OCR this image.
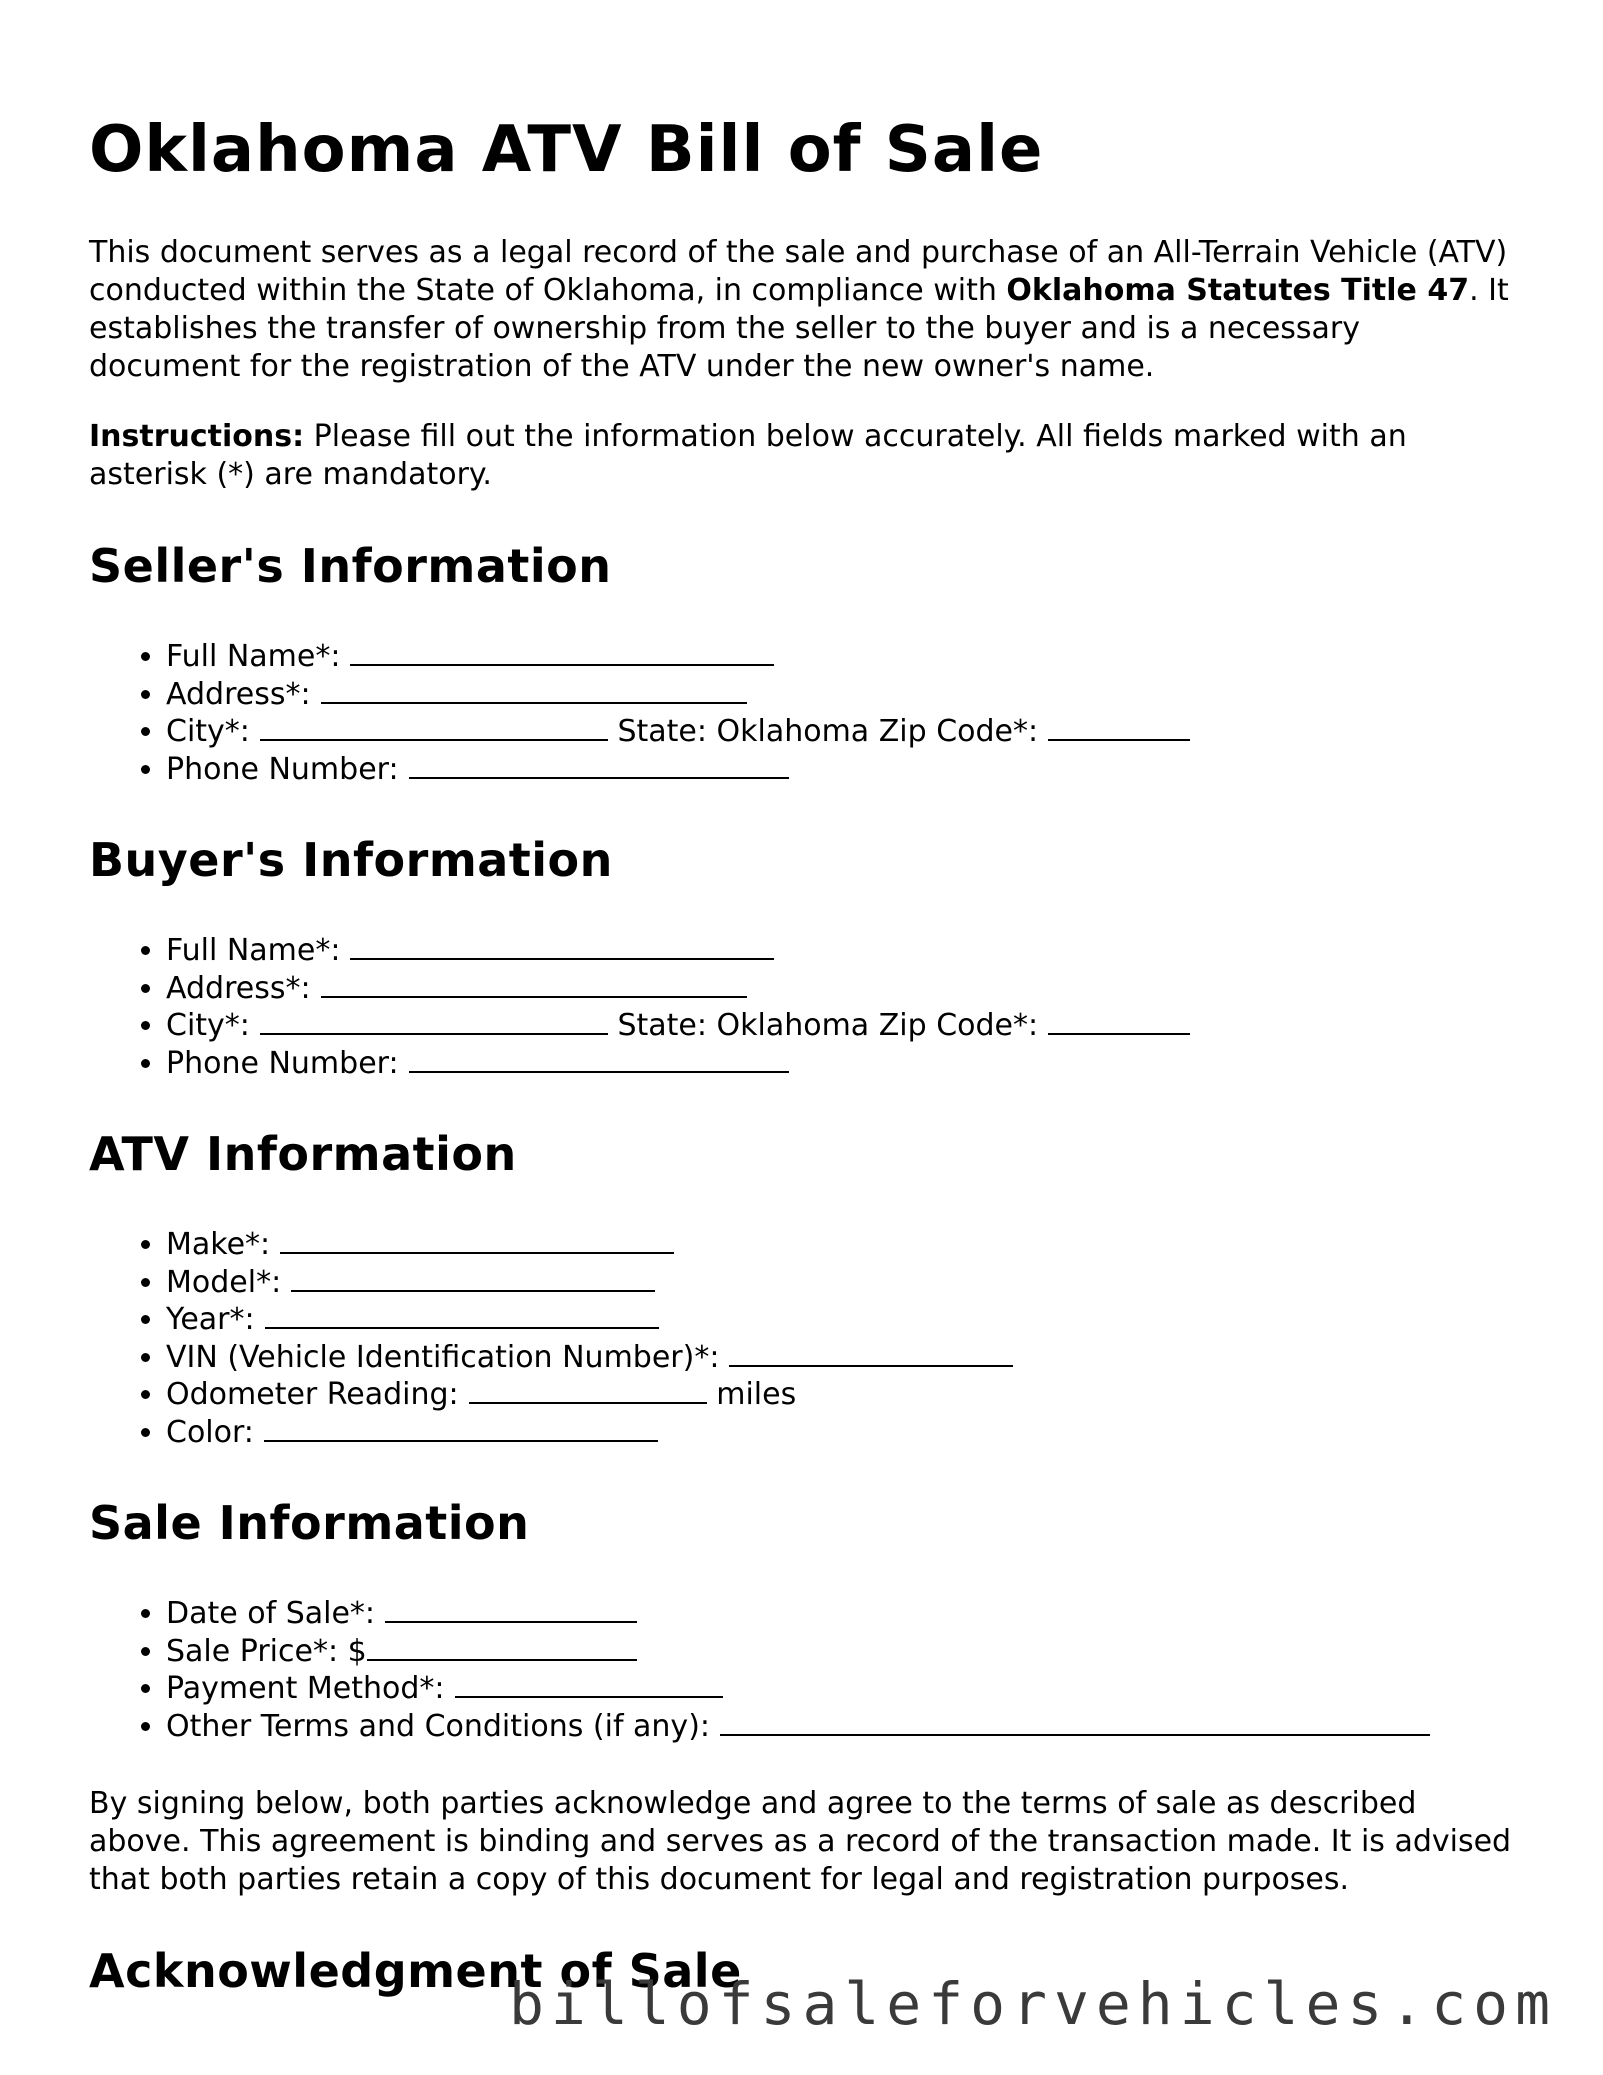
Oklahoma ATV Bill of Sale

This document serves as a legal record of the sale and purchase of an All-Terrain Vehicle (ATV) conducted within the State of Oklahoma, in compliance with Oklahoma Statutes Title 47. It establishes the transfer of ownership from the seller to the buyer and is a necessary document for the registration of the ATV under the new owner's name.

Instructions: Please fill out the information below accurately. All fields marked with an asterisk (*) are mandatory.

Seller's Information
• Full Name*:
• Address*:
• City*:	State: Oklahoma Zip Code*:
• Phone Number:
Buyer's Information
• Full Name*:
• Address*:
• City*:	State: Oklahoma Zip Code*:
• Phone Number:
ATV Information
• Make*:
• Model*:
• Year*:
• VIN (Vehicle Identification Number)*:
• Odometer Reading:	miles
• Color:
Sale Information
• Date of Sale*:
• Sale Price*: $
• Payment Method*:
• Other Terms and Conditions (if any):

By signing below, both parties acknowledge and agree to the terms of sale as described above. This agreement is binding and serves as a record of the transaction made. It is advised that both parties retain a copy of this document for legal and registration purposes.

Acknowledgment of Sale
billofsaleforvehicles.com
